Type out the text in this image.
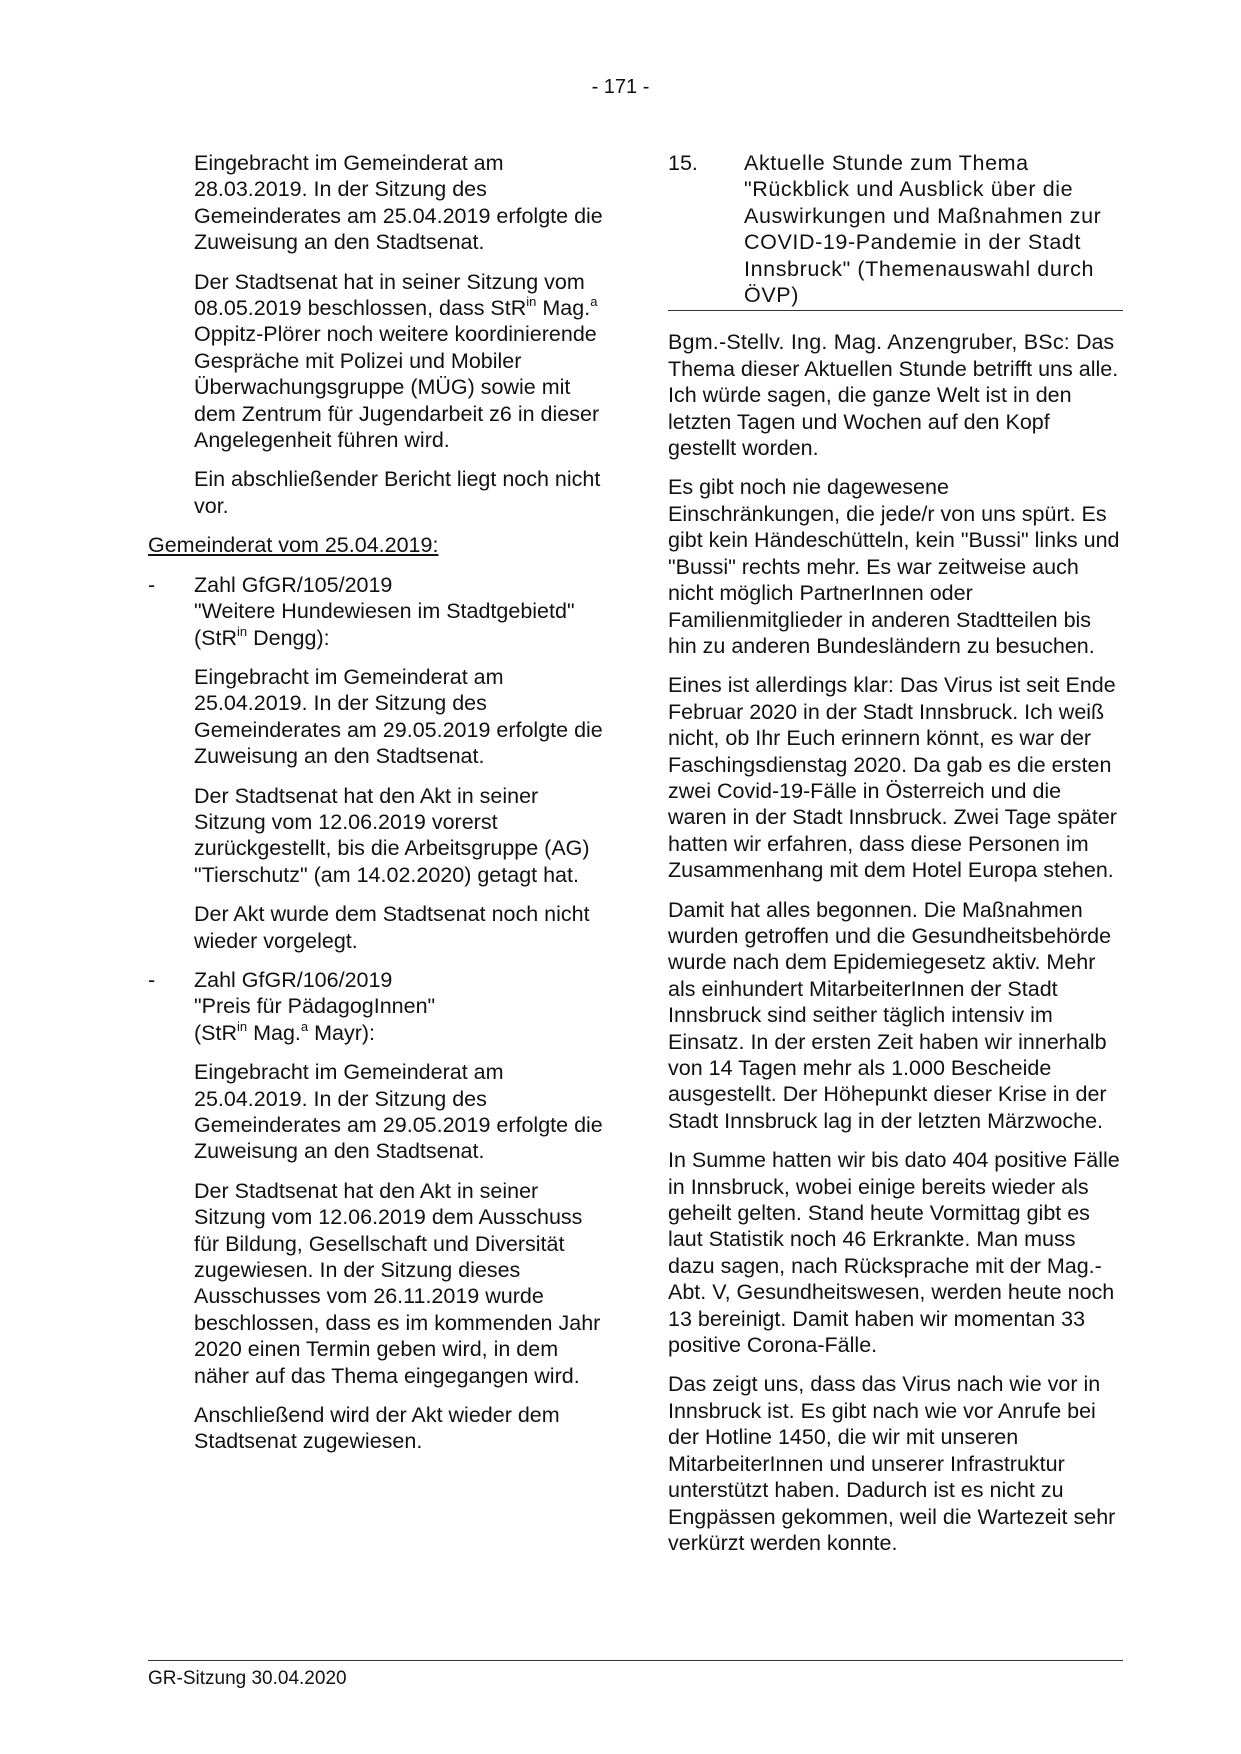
- 171 -

Eingebracht im Gemeinderat am 28.03.2019. In der Sitzung des Gemeinderates am 25.04.2019 erfolgte die Zuweisung an den Stadtsenat.

Der Stadtsenat hat in seiner Sitzung vom 08.05.2019 beschlossen, dass StR$^{in}$ Mag.$^a$ Oppitz-Plörer noch weitere koordinierende Gespräche mit Polizei und Mobiler Überwachungsgruppe (MÜG) sowie mit dem Zentrum für Jugendarbeit z6 in dieser Angelegenheit führen wird.

Ein abschließender Bericht liegt noch nicht vor.

Gemeinderat vom 25.04.2019:
- Zahl GfGR/105/2019
"Weitere Hundewiesen im Stadtgebietd" (StR$^{in}$ Dengg):

Eingebracht im Gemeinderat am 25.04.2019. In der Sitzung des Gemeinderates am 29.05.2019 erfolgte die Zuweisung an den Stadtsenat.

Der Stadtsenat hat den Akt in seiner Sitzung vom 12.06.2019 vorerst zurückgestellt, bis die Arbeitsgruppe (AG) "Tierschutz" (am 14.02.2020) getagt hat.

Der Akt wurde dem Stadtsenat noch nicht wieder vorgelegt.

- Zahl GfGR/106/2019
"Preis für PädagogInnen"
(StR$^{in}$ Mag.$^a$ Mayr):

Eingebracht im Gemeinderat am 25.04.2019. In der Sitzung des Gemeinderates am 29.05.2019 erfolgte die Zuweisung an den Stadtsenat.

Der Stadtsenat hat den Akt in seiner Sitzung vom 12.06.2019 dem Ausschuss für Bildung, Gesellschaft und Diversität zugewiesen. In der Sitzung dieses Ausschusses vom 26.11.2019 wurde beschlossen, dass es im kommenden Jahr 2020 einen Termin geben wird, in dem näher auf das Thema eingegangen wird.

Anschließend wird der Akt wieder dem Stadtsenat zugewiesen.

15. Aktuelle Stunde zum Thema "Rückblick und Ausblick über die Auswirkungen und Maßnahmen zur COVID-19-Pandemie in der Stadt Innsbruck" (Themenauswahl durch ÖVP)

Bgm.-Stellv. Ing. Mag. Anzengruber, BSc: Das Thema dieser Aktuellen Stunde betrifft uns alle. Ich würde sagen, die ganze Welt ist in den letzten Tagen und Wochen auf den Kopf gestellt worden.

Es gibt noch nie dagewesene Einschränkungen, die jede/r von uns spürt. Es gibt kein Händeschütteln, kein "Bussi" links und "Bussi" rechts mehr. Es war zeitweise auch nicht möglich PartnerInnen oder Familienmitglieder in anderen Stadtteilen bis hin zu anderen Bundesländern zu besuchen.

Eines ist allerdings klar: Das Virus ist seit Ende Februar 2020 in der Stadt Innsbruck. Ich weiß nicht, ob Ihr Euch erinnern könnt, es war der Faschingsdienstag 2020. Da gab es die ersten zwei Covid-19-Fälle in Österreich und die waren in der Stadt Innsbruck. Zwei Tage später hatten wir erfahren, dass diese Personen im Zusammenhang mit dem Hotel Europa stehen.

Damit hat alles begonnen. Die Maßnahmen wurden getroffen und die Gesundheitsbehörde wurde nach dem Epidemiegesetz aktiv. Mehr als einhundert MitarbeiterInnen der Stadt Innsbruck sind seither täglich intensiv im Einsatz. In der ersten Zeit haben wir innerhalb von 14 Tagen mehr als 1.000 Bescheide ausgestellt. Der Höhepunkt dieser Krise in der Stadt Innsbruck lag in der letzten Märzwoche.

In Summe hatten wir bis dato 404 positive Fälle in Innsbruck, wobei einige bereits wieder als geheilt gelten. Stand heute Vormittag gibt es laut Statistik noch 46 Erkrankte. Man muss dazu sagen, nach Rücksprache mit der Mag.-Abt. V, Gesundheitswesen, werden heute noch 13 bereinigt. Damit haben wir momentan 33 positive Corona-Fälle.

Das zeigt uns, dass das Virus nach wie vor in Innsbruck ist. Es gibt nach wie vor Anrufe bei der Hotline 1450, die wir mit unseren MitarbeiterInnen und unserer Infrastruktur unterstützt haben. Dadurch ist es nicht zu Engpässen gekommen, weil die Wartezeit sehr verkürzt werden konnte.

GR-Sitzung 30.04.2020
